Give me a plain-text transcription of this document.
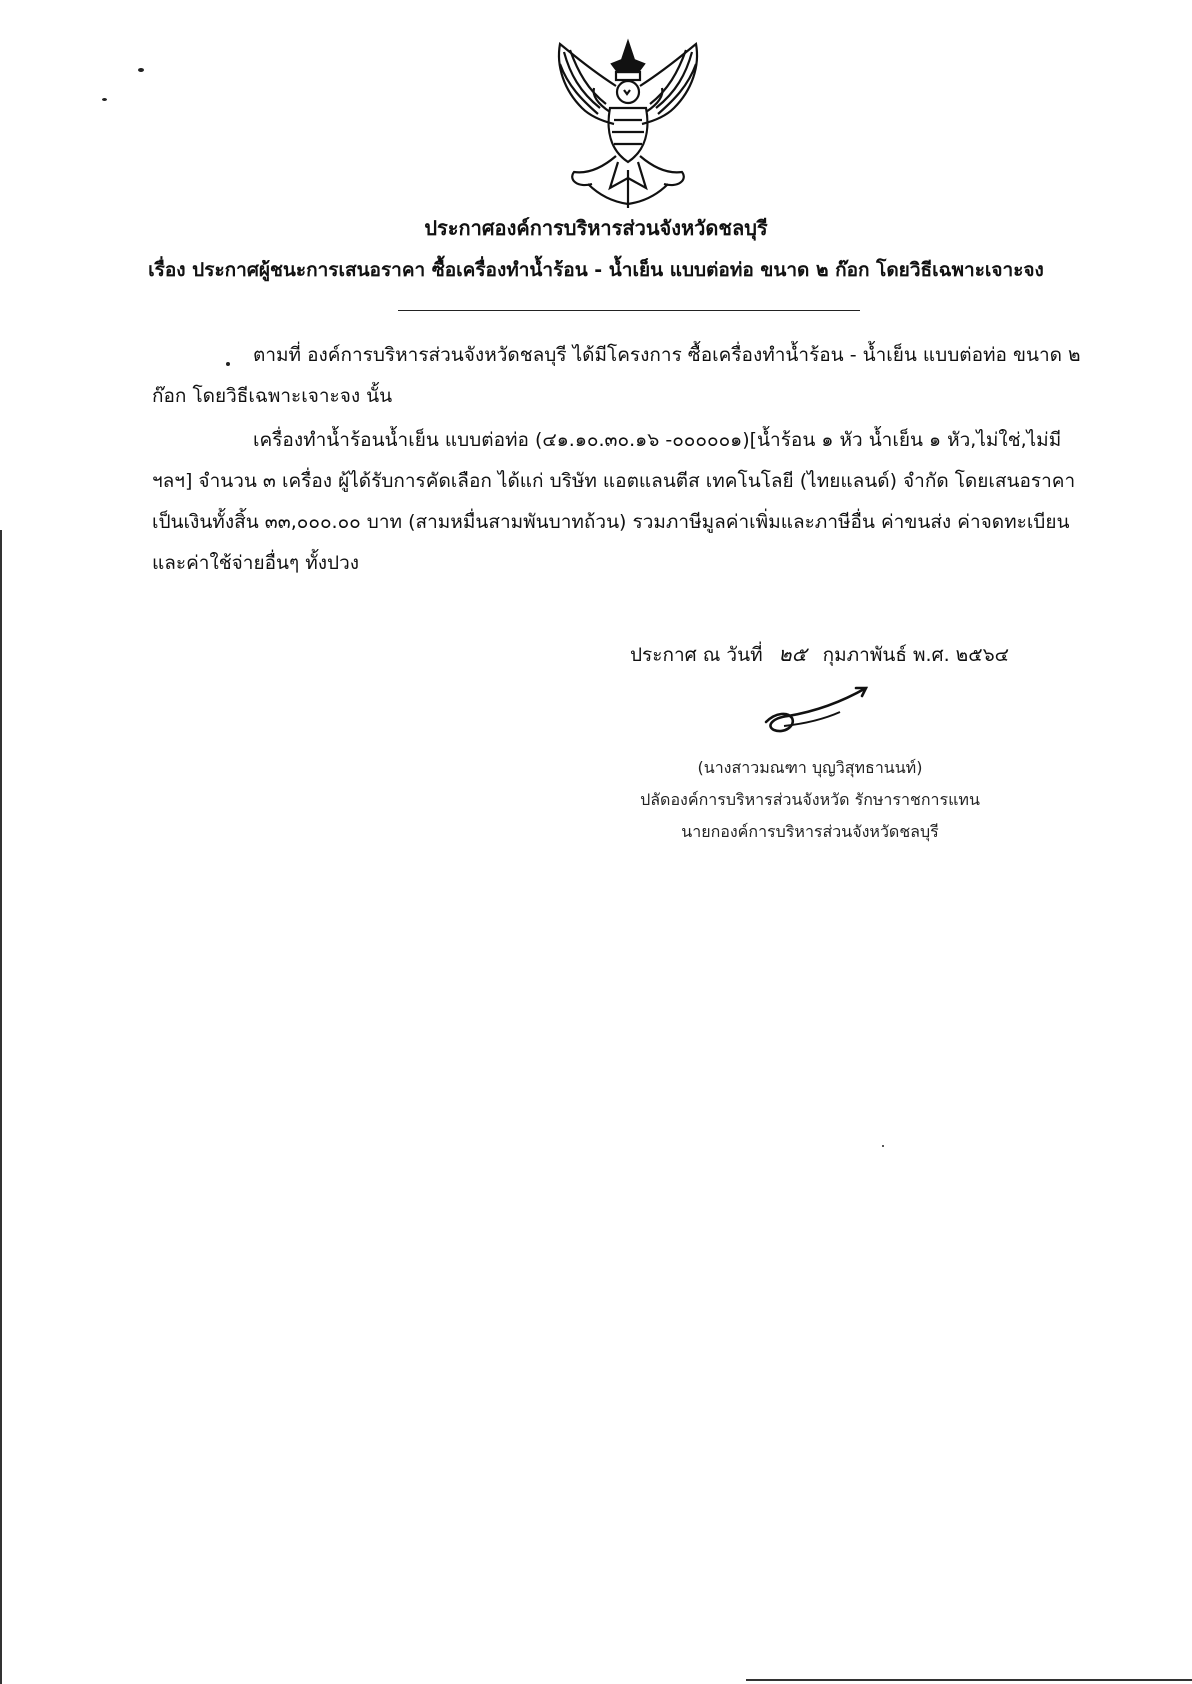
ประกาศองค์การบริหารส่วนจังหวัดชลบุรี
เรื่อง ประกาศผู้ชนะการเสนอราคา ซื้อเครื่องทำน้ำร้อน - น้ำเย็น แบบต่อท่อ ขนาด ๒ ก๊อก โดยวิธีเฉพาะเจาะจง
ตามที่ องค์การบริหารส่วนจังหวัดชลบุรี ได้มีโครงการ ซื้อเครื่องทำน้ำร้อน - น้ำเย็น แบบต่อท่อ ขนาด ๒ ก๊อก โดยวิธีเฉพาะเจาะจง นั้น
เครื่องทำน้ำร้อนน้ำเย็น แบบต่อท่อ (๔๑.๑๐.๓๐.๑๖ -๐๐๐๐๐๑)[น้ำร้อน ๑ หัว น้ำเย็น ๑ หัว,ไม่ใช่,ไม่มี ฯลฯ] จำนวน ๓ เครื่อง ผู้ได้รับการคัดเลือก ได้แก่ บริษัท แอตแลนตีส เทคโนโลยี (ไทยแลนด์) จำกัด โดยเสนอราคาเป็นเงินทั้งสิ้น ๓๓,๐๐๐.๐๐ บาท (สามหมื่นสามพันบาทถ้วน) รวมภาษีมูลค่าเพิ่มและภาษีอื่น ค่าขนส่ง ค่าจดทะเบียน และค่าใช้จ่ายอื่นๆ ทั้งปวง
ประกาศ ณ วันที่ ๒๕ กุมภาพันธ์ พ.ศ. ๒๕๖๔
(นางสาวมณฑา บุญวิสุทธานนท์)
ปลัดองค์การบริหารส่วนจังหวัด รักษาราชการแทน
นายกองค์การบริหารส่วนจังหวัดชลบุรี
